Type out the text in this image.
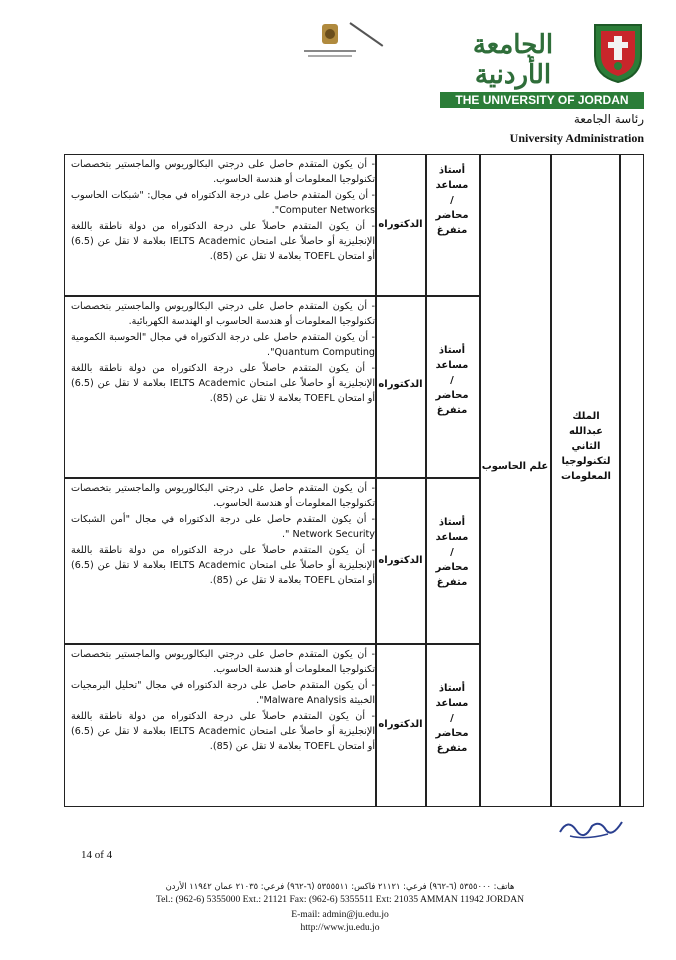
الجامعة الأردنية
THE UNIVERSITY OF JORDAN
رئاسة الجامعة
University Administration
الملك عبدالله الثاني لتكنولوجيا المعلومات
علم الحاسوب
أستاذ مساعد
/
محاضر متفرغ
الدكتوراه

- أن يكون المتقدم حاصل على درجتي البكالوريوس والماجستير بتخصصات تكنولوجيا المعلومات أو هندسة الحاسوب.

- أن يكون المتقدم حاصل على درجة الدكتوراه في مجال: "شبكات الحاسوب Computer Networks".

- أن يكون المتقدم حاصلاً على درجة الدكتوراه من دولة ناطقة باللغة الإنجليزية أو حاصلاً على امتحان IELTS Academic بعلامة لا تقل عن (6.5) أو امتحان TOEFL بعلامة لا تقل عن (85).

أستاذ مساعد
/
محاضر متفرغ
الدكتوراه

- أن يكون المتقدم حاصل على درجتي البكالوريوس والماجستير بتخصصات تكنولوجيا المعلومات أو هندسة الحاسوب او الهندسة الكهربائية.

- أن يكون المتقدم حاصل على درجة الدكتوراه في مجال "الحوسبة الكمومية Quantum Computing".

- أن يكون المتقدم حاصلاً على درجة الدكتوراه من دولة ناطقة باللغة الإنجليزية أو حاصلاً على امتحان IELTS Academic بعلامة لا تقل عن (6.5) أو امتحان TOEFL بعلامة لا تقل عن (85).

أستاذ مساعد
/
محاضر متفرغ
الدكتوراه

- أن يكون المتقدم حاصل على درجتي البكالوريوس والماجستير بتخصصات تكنولوجيا المعلومات أو هندسة الحاسوب.

- أن يكون المتقدم حاصل على درجة الدكتوراه في مجال "أمن الشبكات Network Security ".

- أن يكون المتقدم حاصلاً على درجة الدكتوراه من دولة ناطقة باللغة الإنجليزية أو حاصلاً على امتحان IELTS Academic بعلامة لا تقل عن (6.5) أو امتحان TOEFL بعلامة لا تقل عن (85).

أستاذ مساعد
/
محاضر متفرغ
الدكتوراه

- أن يكون المتقدم حاصل على درجتي البكالوريوس والماجستير بتخصصات تكنولوجيا المعلومات أو هندسة الحاسوب.

- أن يكون المتقدم حاصل على درجة الدكتوراه في مجال "تحليل البرمجيات الخبيثة Malware Analysis".

- أن يكون المتقدم حاصلاً على درجة الدكتوراه من دولة ناطقة باللغة الإنجليزية أو حاصلاً على امتحان IELTS Academic بعلامة لا تقل عن (6.5) أو امتحان TOEFL بعلامة لا تقل عن (85).

14 of 4
هاتف: ٥٣٥٥٠٠٠ (٦-٩٦٢) فرعي: ٢١١٢١ فاكس: ٥٣٥٥٥١١ (٦-٩٦٢) فرعي: ٢١٠٣٥ عمان ١١٩٤٢ الأردن
Tel.: (962-6) 5355000 Ext.: 21121 Fax: (962-6) 5355511 Ext: 21035 AMMAN 11942 JORDAN
E-mail: admin@ju.edu.jo
http://www.ju.edu.jo
